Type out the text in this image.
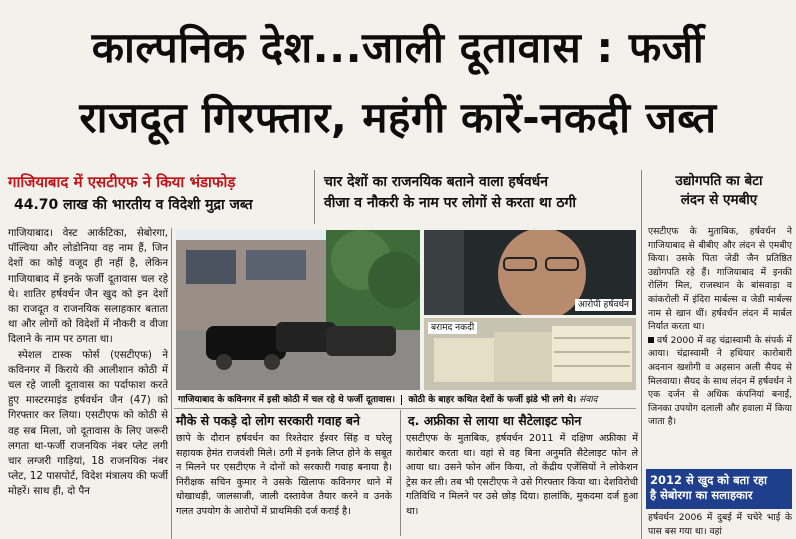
काल्पनिक देश...जाली दूतावास : फर्जी
राजदूत गिरफ्तार, महंगी कारें-नकदी जब्त
गाजियाबाद में एसटीएफ ने किया भंडाफोड़
44.70 लाख की भारतीय व विदेशी मुद्रा जब्त
गाजियाबाद। वेस्ट आर्कटिका, सेबोरगा, पॉल्विया और लोडोनिया वह नाम हैं, जिन देशों का कोई वजूद ही नहीं है, लेकिन गाजियाबाद में इनके फर्जी दूतावास चल रहे थे। शातिर हर्षवर्धन जैन खुद को इन देशों का राजदूत व राजनयिक सलाहकार बताता था और लोगों को विदेशों में नौकरी व वीजा दिलाने के नाम पर ठगता था।
स्पेशल टास्क फोर्स (एसटीएफ) ने कविनगर में किराये की आलीशान कोठी में चल रहे जाली दूतावास का पर्दाफाश करते हुए मास्टरमाइंड हर्षवर्धन जैन (47) को गिरफ्तार कर लिया। एसटीएफ को कोठी से वह सब मिला, जो दूतावास के लिए जरूरी लगता था-फर्जी राजनयिक नंबर प्लेट लगी चार लग्जरी गाड़ियां, 18 राजनयिक नंबर प्लेट, 12 पासपोर्ट, विदेश मंत्रालय की फर्जी मोहरें। साथ ही, दो पैन
चार देशों का राजनयिक बताने वाला हर्षवर्धन
वीजा व नौकरी के नाम पर लोगों से करता था ठगी
आरोपी हर्षवर्धन
बरामद नकदी
गाजियाबाद के कविनगर में इसी कोठी में चल रहे थे फर्जी दूतावास। कोठी के बाहर कथित देशों के फर्जी झंडे भी लगे थे। संवाद
मौके से पकड़े दो लोग सरकारी गवाह बने
छापे के दौरान हर्षवर्धन का रिश्तेदार ईश्वर सिंह व घरेलू सहायक हेमंत राजवंशी मिले। ठगी में इनके लिप्त होने के सबूत न मिलने पर एसटीएफ ने दोनों को सरकारी गवाह बनाया है। निरीक्षक सचिन कुमार ने उसके खिलाफ कविनगर थाने में धोखाधड़ी, जालसाजी, जाली दस्तावेज तैयार करने व उनके गलत उपयोग के आरोपों में प्राथमिकी दर्ज कराई है।
द. अफ्रीका से लाया था सैटेलाइट फोन
एसटीएफ के मुताबिक, हर्षवर्धन 2011 में दक्षिण अफ्रीका में कारोबार करता था। वहां से वह बिना अनुमति सैटेलाइट फोन ले आया था। उसने फोन ऑन किया, तो केंद्रीय एजेंसियों ने लोकेशन ट्रेस कर ली। तब भी एसटीएफ ने उसे गिरफ्तार किया था। देशविरोधी गतिविधि न मिलने पर उसे छोड़ दिया। हालांकि, मुकदमा दर्ज हुआ था।
उद्योगपति का बेटा
लंदन से एमबीए
एसटीएफ के मुताबिक, हर्षवर्धन ने गाजियाबाद से बीबीए और लंदन से एमबीए किया। उसके पिता जेडी जैन प्रतिष्ठित उद्योगपति रहे हैं। गाजियाबाद में इनकी रोलिंग मिल, राजस्थान के बांसवाड़ा व कांकरोली में इंदिरा मार्बल्स व जेडी मार्बल्स नाम से खान थीं। हर्षवर्धन लंदन में मार्बल निर्यात करता था।
वर्ष 2000 में वह चंद्रास्वामी के संपर्क में आया। चंद्रास्वामी ने हथियार कारोबारी अदनान खशोगी व अहसान अली सैयद से मिलवाया। सैयद के साथ लंदन में हर्षवर्धन ने एक दर्जन से अधिक कंपनियां बनाईं, जिनका उपयोग दलाली और हवाला में किया जाता है।
2012 से खुद को बता रहा
है सेबोरगा का सलाहकार
हर्षवर्धन 2006 में दुबई में चचेरे भाई के पास बस गया था। वहां
